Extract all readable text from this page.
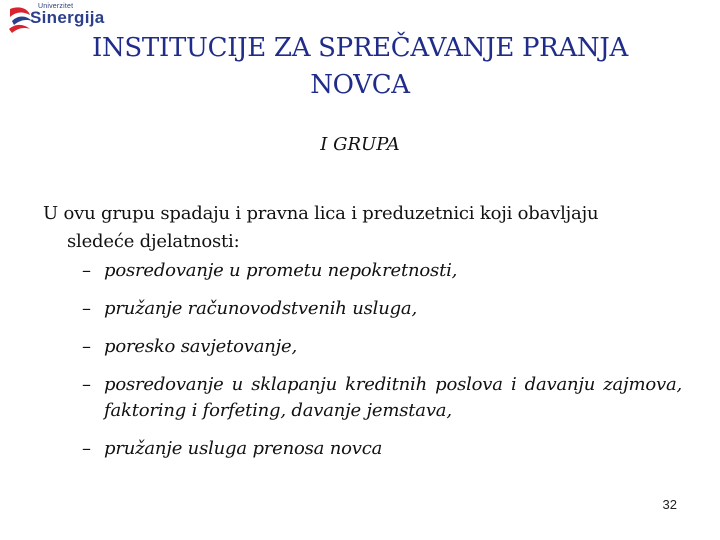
Univerzitet
Sinergija
INSTITUCIJE ZA SPREČAVANJE PRANJA
NOVCA
I GRUPA
U ovu grupu spadaju i pravna lica i preduzetnici koji obavljaju
sledeće djelatnosti:
– posredovanje u prometu nepokretnosti,
– pružanje računovodstvenih usluga,
– poresko savjetovanje,
– posredovanje u sklapanju kreditnih poslova i davanju zajmova, faktoring i forfeting, davanje jemstava,
– pružanje usluga prenosa novca
32
